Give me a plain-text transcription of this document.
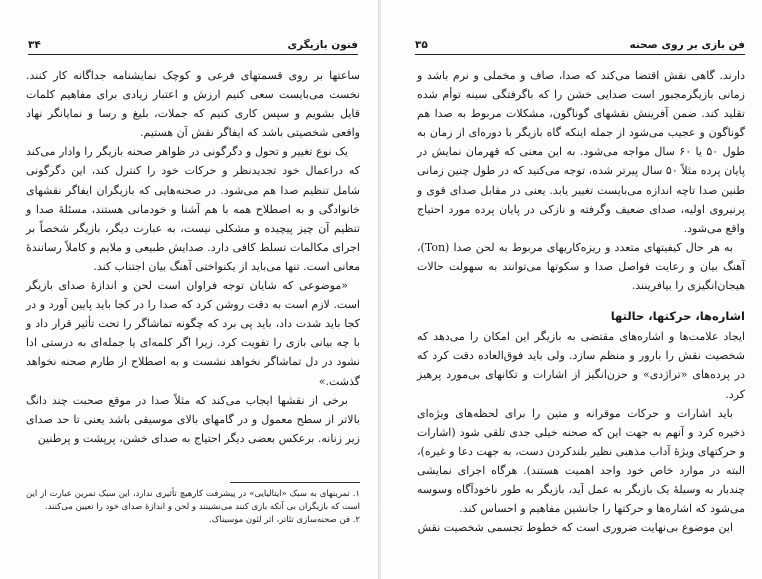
فنون بازیگری
۳۴

ساعتها بر روی قسمتهای فرعی و کوچک نمایشنامه جداگانه کار کنند. نخست می‌بایست سعی کنیم ارزش و اعتبار زیادی برای مفاهیم کلمات قایل بشویم و سپس کاری کنیم که جملات، بلیغ و رسا و نمایانگر نهاد واقعی شخصیتی باشد که ایفاگر نقش آن هستیم.

یک نوع تغییر و تحول و دگرگونی در ظواهر صحنه بازیگر را وادار می‌کند که دراعمال خود تجدیدنظر و حرکات خود را کنترل کند، این دگرگونی شامل تنظیم صدا هم می‌شود. در صحنه‌هایی که بازیگران ایفاگر نقشهای خانوادگی و به اصطلاح همه با هم آشنا و خودمانی هستند، مسئلهٔ صدا و تنظیم آن چیز پیچیده و مشکلی نیست، به عبارت دیگر، بازیگر شخصاً بر اجرای مکالمات تسلط کافی دارد. صدایش طبیعی و ملایم و کاملاً رسانندهٔ معانی است. تنها می‌باید از یکنواختی آهنگ بیان اجتناب کند.

«موضوعی که شایان توجه فراوان است لحن و اندازهٔ صدای بازیگر است. لازم است به دقت روشن کرد که صدا را در کجا باید پایین آورد و در کجا باید شدت داد، باید پی برد که چگونه تماشاگر را تحت تأثیر قرار داد و با چه بیانی بازی را تقویت کرد. زیرا اگر کلمه‌ای یا جمله‌ای به درستی ادا نشود در دل تماشاگر نخواهد نشست و به اصطلاح از طارم صحنه نخواهد گذشت.»

برخی از نقشها ایجاب می‌کند که مثلاً صدا در موقع صحبت چند دانگ بالاتر از سطح معمول و در گامهای بالای موسیقی باشد یعنی تا حد صدای زیر زنانه. برعکس بعضی دیگر احتیاج به صدای خشن، پرپشت و پرطنین

۱. تمرینهای به سبک «ایتالیایی» در پیشرفت کارهیچ تأثیری ندارد، این سبک تمرین عبارت از این است که بازیگران بی آنکه بازی کنند می‌نشینند و لحن و اندازهٔ صدای خود را تعیین می‌کنند.

۲. فن صحنه‌سازی تئاتر، اثر لئون موسیناک.

فن بازی بر روی صحنه
۳۵

دارند. گاهی نقش اقتضا می‌کند که صدا، صاف و مخملی و نرم باشد و زمانی بازیگرمجبور است صدایی خشن را که باگرفتگی سینه توأم شده تقلید کند. ضمن آفرینش نقشهای گوناگون، مشکلات مربوط به صدا هم گوناگون و عجیب می‌شود از جمله اینکه گاه بازیگر با دوره‌ای از زمان به طول ۵۰ یا ۶۰ سال مواجه می‌شود. به این معنی که قهرمان نمایش در پایان پرده مثلاً ۵۰ سال پیرتر شده، توجه می‌کنید که در طول چنین زمانی طنین صدا تاچه اندازه می‌بایست تغییر یابد. یعنی در مقابل صدای قوی و پرنیروی اولیه، صدای ضعیف وگرفته و نازکی در پایان پرده مورد احتیاج واقع می‌شود.

به هر حال کیفیتهای متعدد و ریزه‌کاریهای مربوط به لحن صدا (Ton)، آهنگ بیان و رعایت فواصل صدا و سکوتها می‌توانند به سهولت حالات هیجان‌انگیزی را بیافرینند.

اشاره‌ها، حرکتها، حالتها

ایجاد علامت‌ها و اشاره‌های مقتضی به بازیگر این امکان را می‌دهد که شخصیت نقش را بارور و منظم سازد. ولی باید فوق‌العاده دقت کرد که در پرده‌های «تراژدی» و حزن‌انگیز از اشارات و تکانهای بی‌مورد پرهیز کرد.

باید اشارات و حرکات موقرانه و متین را برای لحظه‌های ویژه‌ای ذخیره کرد و آنهم به جهت این که صحنه خیلی جدی تلقی شود (اشارات و حرکتهای ویژهٔ آداب مذهبی نظیر بلندکردن دست، به جهت دعا و غیره)، البته در موارد خاص خود واجد اهمیت هستند). هرگاه اجرای نمایشی چندبار به وسیلهٔ یک بازیگر به عمل آید، بازیگر به طور ناخودآگاه وسوسه می‌شود که اشاره‌ها و حرکتها را جانشین مفاهیم و احساس کند.

این موضوع بی‌نهایت ضروری است که خطوط تجسمی شخصیت نقش
